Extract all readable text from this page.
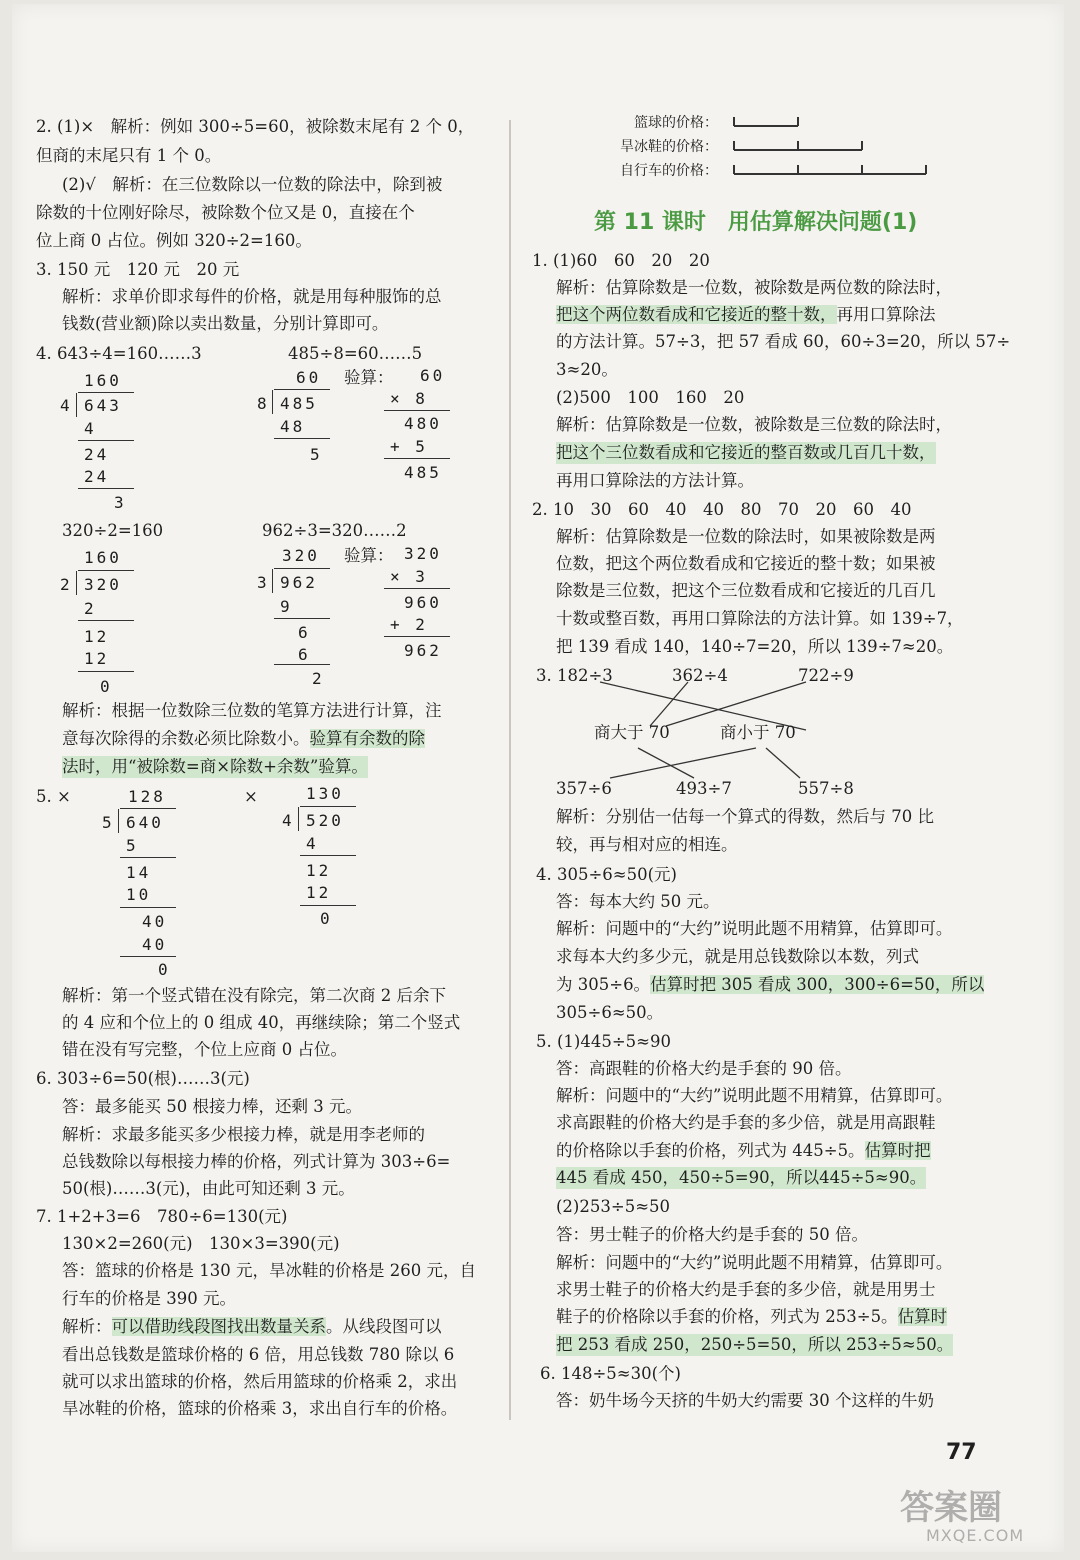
2. (1)×　解析：例如 300÷5=60，被除数末尾有 2 个 0，
但商的末尾只有 1 个 0。
(2)√　解析：在三位数除以一位数的除法中，除到被
除数的十位刚好除尽，被除数个位又是 0，直接在个
位上商 0 占位。例如 320÷2=160。
3. 150 元　120 元　20 元
解析：求单价即求每件的价格，就是用每种服饰的总
钱数(营业额)除以卖出数量，分别计算即可。
4. 643÷4=160……3	485÷8=60……5
160
4 643
4
24
24
3
60
8 485
48
5
验算： 60
× 8
480
+ 5
485
320÷2=160	962÷3=320……2
160
2 320
2
12
12
0
320
3 962
9
6
6
2
验算： 320
× 3
960
+ 2
962
解析：根据一位数除三位数的笔算方法进行计算，注
意每次除得的余数必须比除数小。验算有余数的除
法时，用“被除数=商×除数+余数”验算。
5. ×	×
128
5 640
5
14
10
40
40
0
130
4 520
4
12
12
0
解析：第一个竖式错在没有除完，第二次商 2 后余下
的 4 应和个位上的 0 组成 40，再继续除；第二个竖式
错在没有写完整，个位上应商 0 占位。
6. 303÷6=50(根)……3(元)
答：最多能买 50 根接力棒，还剩 3 元。
解析：求最多能买多少根接力棒，就是用李老师的
总钱数除以每根接力棒的价格，列式计算为 303÷6=
50(根)……3(元)，由此可知还剩 3 元。
7. 1+2+3=6　780÷6=130(元)
130×2=260(元)　130×3=390(元)
答：篮球的价格是 130 元，旱冰鞋的价格是 260 元，自
行车的价格是 390 元。
解析：可以借助线段图找出数量关系。从线段图可以
看出总钱数是篮球价格的 6 倍，用总钱数 780 除以 6
就可以求出篮球的价格，然后用篮球的价格乘 2，求出
旱冰鞋的价格，篮球的价格乘 3，求出自行车的价格。
篮球的价格：
旱冰鞋的价格：
自行车的价格：
第 11 课时　用估算解决问题(1)
1. (1)60　60　20　20
解析：估算除数是一位数，被除数是两位数的除法时，
把这个两位数看成和它接近的整十数，再用口算除法
的方法计算。57÷3，把 57 看成 60，60÷3=20，所以 57÷
3≈20。
(2)500　100　160　20
解析：估算除数是一位数，被除数是三位数的除法时，
把这个三位数看成和它接近的整百数或几百几十数，
再用口算除法的方法计算。
2. 10　30　60　40　40　80　70　20　60　40
解析：估算除数是一位数的除法时，如果被除数是两
位数，把这个两位数看成和它接近的整十数；如果被
除数是三位数，把这个三位数看成和它接近的几百几
十数或整百数，再用口算除法的方法计算。如 139÷7，
把 139 看成 140，140÷7=20，所以 139÷7≈20。
3. 182÷3	362÷4	722÷9
商大于 70	商小于 70
357÷6	493÷7	557÷8
解析：分别估一估每一个算式的得数，然后与 70 比
较，再与相对应的相连。
4. 305÷6≈50(元)
答：每本大约 50 元。
解析：问题中的“大约”说明此题不用精算，估算即可。
求每本大约多少元，就是用总钱数除以本数，列式
为 305÷6。估算时把 305 看成 300，300÷6=50，所以
305÷6≈50。
5. (1)445÷5≈90
答：高跟鞋的价格大约是手套的 90 倍。
解析：问题中的“大约”说明此题不用精算，估算即可。
求高跟鞋的价格大约是手套的多少倍，就是用高跟鞋
的价格除以手套的价格，列式为 445÷5。估算时把
445 看成 450，450÷5=90，所以445÷5≈90。
(2)253÷5≈50
答：男士鞋子的价格大约是手套的 50 倍。
解析：问题中的“大约”说明此题不用精算，估算即可。
求男士鞋子的价格大约是手套的多少倍，就是用男士
鞋子的价格除以手套的价格，列式为 253÷5。估算时
把 253 看成 250，250÷5=50，所以 253÷5≈50。
6. 148÷5≈30(个)
答：奶牛场今天挤的牛奶大约需要 30 个这样的牛奶
77
答案圈
MXQE.COM
